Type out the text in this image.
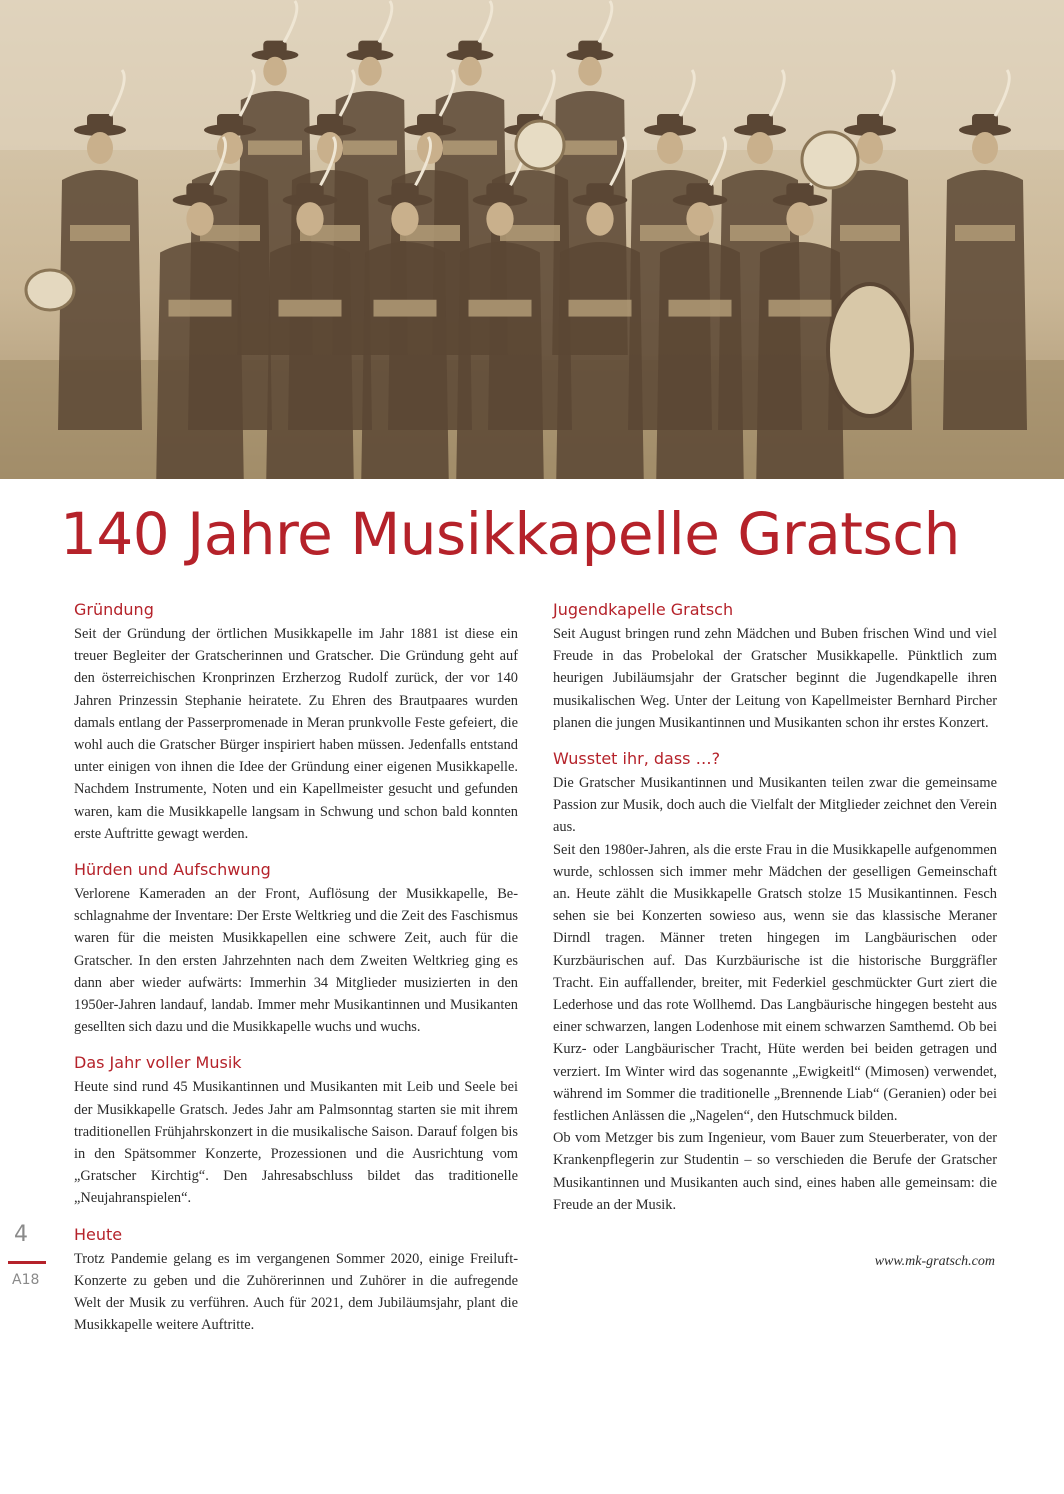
140 Jahre Musikkapelle Gratsch
Gründung

Seit der Gründung der örtlichen Musikkapelle im Jahr 1881 ist diese ein treuer Begleiter der Gratscherinnen und Gratscher. Die Gründung geht auf den österreichischen Kronprinzen Erzherzog Rudolf zurück, der vor 140 Jahren Prinzessin Stephanie heiratete. Zu Ehren des Brautpaares wurden damals entlang der Passerpromenade in Meran prunkvolle Feste gefeiert, die wohl auch die Gratscher Bürger inspiriert haben müssen. Jedenfalls entstand unter einigen von ihnen die Idee der Gründung einer eigenen Musikkapelle. Nachdem Instrumente, Noten und ein Kapellmeister gesucht und gefunden waren, kam die Musikkapelle langsam in Schwung und schon bald konnten erste Auftritte gewagt werden.

Hürden und Aufschwung

Verlorene Kameraden an der Front, Auflösung der Musikkapelle, Beschlagnahme der Inventare: Der Erste Weltkrieg und die Zeit des Faschismus waren für die meisten Musikkapellen eine schwere Zeit, auch für die Gratscher. In den ersten Jahrzehnten nach dem Zweiten Weltkrieg ging es dann aber wieder aufwärts: Immerhin 34 Mitglieder musizierten in den 1950er-Jahren landauf, landab. Immer mehr Musikantinnen und Musikanten gesellten sich dazu und die Musikkapelle wuchs und wuchs.

Das Jahr voller Musik

Heute sind rund 45 Musikantinnen und Musikanten mit Leib und Seele bei der Musikkapelle Gratsch. Jedes Jahr am Palmsonntag starten sie mit ihrem traditionellen Frühjahrskonzert in die musikalische Saison. Darauf folgen bis in den Spätsommer Konzerte, Prozessionen und die Ausrichtung vom „Gratscher Kirchtig“. Den Jahresabschluss bildet das traditionelle „Neujahranspielen“.

Heute

Trotz Pandemie gelang es im vergangenen Sommer 2020, einige Freiluft-Konzerte zu geben und die Zuhörerinnen und Zuhörer in die aufregende Welt der Musik zu verführen. Auch für 2021, dem Jubiläumsjahr, plant die Musikkapelle weitere Auftritte.

Jugendkapelle Gratsch

Seit August bringen rund zehn Mädchen und Buben frischen Wind und viel Freude in das Probelokal der Gratscher Musikkapelle. Pünktlich zum heurigen Jubiläumsjahr der Gratscher beginnt die Jugendkapelle ihren musikalischen Weg. Unter der Leitung von Kapellmeister Bernhard Pircher planen die jungen Musikantinnen und Musikanten schon ihr erstes Konzert.

Wusstet ihr, dass …?

Die Gratscher Musikantinnen und Musikanten teilen zwar die gemeinsame Passion zur Musik, doch auch die Vielfalt der Mitglieder zeichnet den Verein aus.

Seit den 1980er-Jahren, als die erste Frau in die Musikkapelle aufgenommen wurde, schlossen sich immer mehr Mädchen der geselligen Gemeinschaft an. Heute zählt die Musikkapelle Gratsch stolze 15 Musikantinnen. Fesch sehen sie bei Konzerten sowieso aus, wenn sie das klassische Meraner Dirndl tragen. Männer treten hingegen im Langbäurischen oder Kurzbäurischen auf. Das Kurzbäurische ist die historische Burggräfler Tracht. Ein auffallender, breiter, mit Federkiel geschmückter Gurt ziert die Lederhose und das rote Wollhemd. Das Langbäurische hingegen besteht aus einer schwarzen, langen Lodenhose mit einem schwarzen Samthemd. Ob bei Kurz- oder Langbäurischer Tracht, Hüte werden bei beiden getragen und verziert. Im Winter wird das sogenannte „Ewigkeitl“ (Mimosen) verwendet, während im Sommer die traditionelle „Brennende Liab“ (Geranien) oder bei festlichen Anlässen die „Nagelen“, den Hutschmuck bilden.

Ob vom Metzger bis zum Ingenieur, vom Bauer zum Steuerberater, von der Krankenpflegerin zur Studentin – so verschieden die Berufe der Gratscher Musikantinnen und Musikanten auch sind, eines haben alle gemeinsam: die Freude an der Musik.

www.mk-gratsch.com
4
A18
